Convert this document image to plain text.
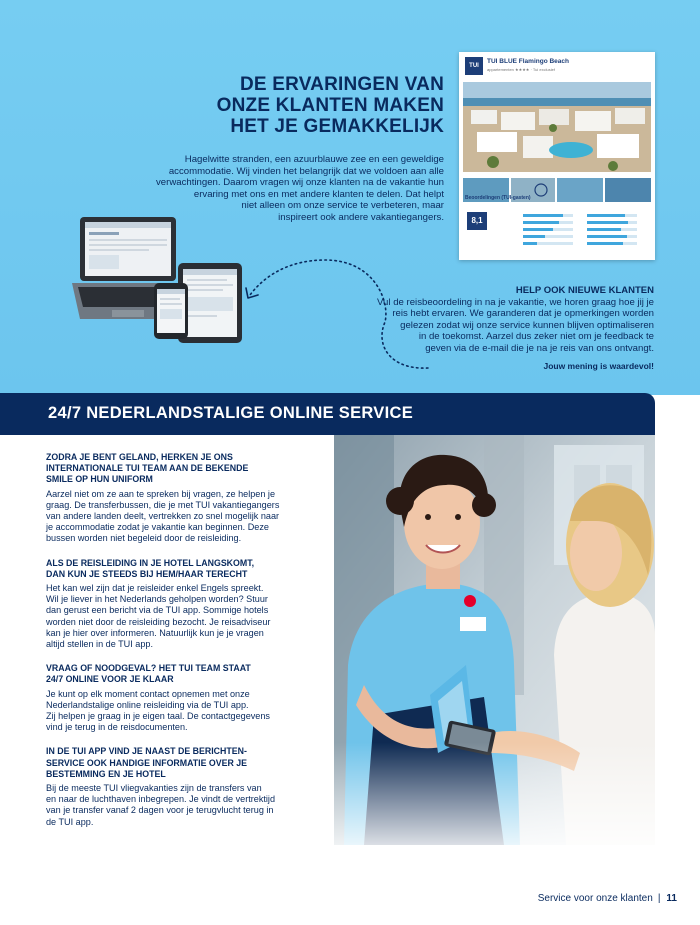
DE ERVARINGEN VAN
ONZE KLANTEN MAKEN
HET JE GEMAKKELIJK

Hagelwitte stranden, een azuurblauwe zee en een geweldige
accommodatie. Wij vinden het belangrijk dat we voldoen aan alle
verwachtingen. Daarom vragen wij onze klanten na de vakantie hun
ervaring met ons en met andere klanten te delen. Dat helpt
niet alleen om onze service te verbeteren, maar
inspireert ook andere vakantiegangers.

TUI
TUI BLUE Flamingo Beach
appartementen ★★★★ · Tui exclusief
Beoordelingen (TUI-gasten)
8,1
HELP OOK NIEUWE KLANTEN

Vul de reisbeoordeling in na je vakantie, we horen graag hoe jij je
reis hebt ervaren. We garanderen dat je opmerkingen worden
gelezen zodat wij onze service kunnen blijven optimaliseren
in de toekomst. Aarzel dus zeker niet om je feedback te
geven via de e-mail die je na je reis van ons ontvangt.

Jouw mening is waardevol!
24/7 NEDERLANDSTALIGE ONLINE SERVICE
ZODRA JE BENT GELAND, HERKEN JE ONS
INTERNATIONALE TUI TEAM AAN DE BEKENDE
SMILE OP HUN UNIFORM

Aarzel niet om ze aan te spreken bij vragen, ze helpen je
graag. De transferbussen, die je met TUI vakantiegangers
van andere landen deelt, vertrekken zo snel mogelijk naar
je accommodatie zodat je vakantie kan beginnen. Deze
bussen worden niet begeleid door de reisleiding.

ALS DE REISLEIDING IN JE HOTEL LANGSKOMT,
DAN KUN JE STEEDS BIJ HEM/HAAR TERECHT

Het kan wel zijn dat je reisleider enkel Engels spreekt.
Wil je liever in het Nederlands geholpen worden? Stuur
dan gerust een bericht via de TUI app. Sommige hotels
worden niet door de reisleiding bezocht. Je reisadviseur
kan je hier over informeren. Natuurlijk kun je je vragen
altijd stellen in de TUI app.

VRAAG OF NOODGEVAL? HET TUI TEAM STAAT
24/7 ONLINE VOOR JE KLAAR

Je kunt op elk moment contact opnemen met onze
Nederlandstalige online reisleiding via de TUI app.
Zij helpen je graag in je eigen taal. De contactgegevens
vind je terug in de reisdocumenten.

IN DE TUI APP VIND JE NAAST DE BERICHTEN-
SERVICE OOK HANDIGE INFORMATIE OVER JE
BESTEMMING EN JE HOTEL

Bij de meeste TUI vliegvakanties zijn de transfers van
en naar de luchthaven inbegrepen. Je vindt de vertrektijd
van je transfer vanaf 2 dagen voor je terugvlucht terug in
de TUI app.

Service voor onze klanten | 11
